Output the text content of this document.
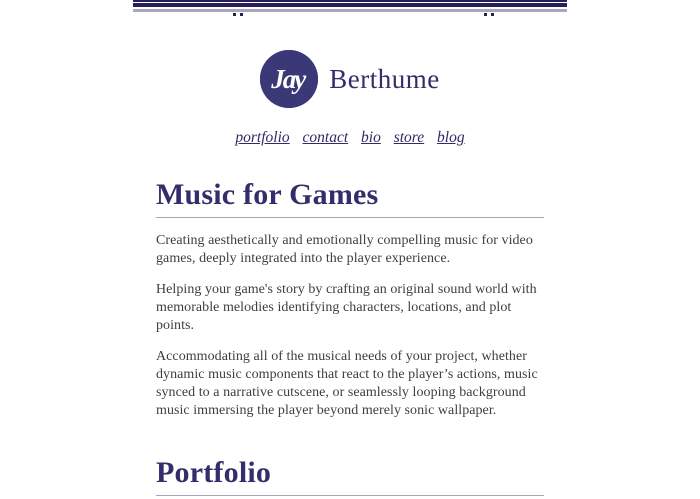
Jay Berthume
portfolio contact bio store blog
Music for Games

Creating aesthetically and emotionally compelling music for video games, deeply integrated into the player experience.

Helping your game's story by crafting an original sound world with memorable melodies identifying characters, locations, and plot points.

Accommodating all of the musical needs of your project, whether dynamic music components that react to the player’s actions, music synced to a narrative cutscene, or seamlessly looping background music immersing the player beyond merely sonic wallpaper.

Portfolio
